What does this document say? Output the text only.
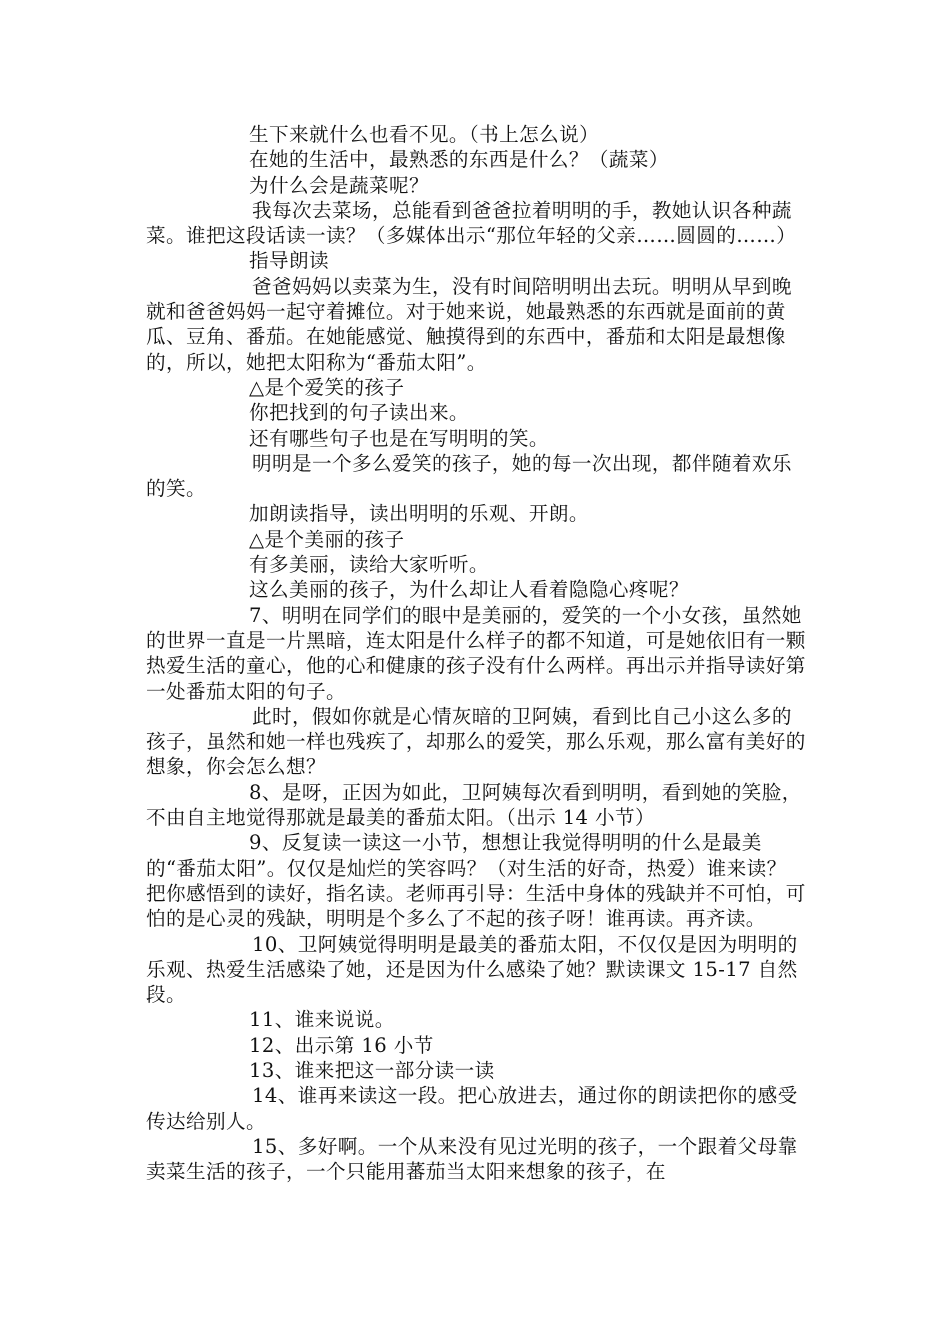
生下来就什么也看不见。（书上怎么说）

在她的生活中，最熟悉的东西是什么？（蔬菜）

为什么会是蔬菜呢？

我每次去菜场，总能看到爸爸拉着明明的手，教她认识各种蔬菜。谁把这段话读一读？（多媒体出示“那位年轻的父亲……圆圆的……）

指导朗读

爸爸妈妈以卖菜为生，没有时间陪明明出去玩。明明从早到晚就和爸爸妈妈一起守着摊位。对于她来说，她最熟悉的东西就是面前的黄瓜、豆角、番茄。在她能感觉、触摸得到的东西中，番茄和太阳是最想像的，所以，她把太阳称为“番茄太阳”。

△是个爱笑的孩子

你把找到的句子读出来。

还有哪些句子也是在写明明的笑。

明明是一个多么爱笑的孩子，她的每一次出现，都伴随着欢乐的笑。

加朗读指导，读出明明的乐观、开朗。

△是个美丽的孩子

有多美丽，读给大家听听。

这么美丽的孩子，为什么却让人看着隐隐心疼呢？

7、明明在同学们的眼中是美丽的，爱笑的一个小女孩，虽然她的世界一直是一片黑暗，连太阳是什么样子的都不知道，可是她依旧有一颗热爱生活的童心，他的心和健康的孩子没有什么两样。再出示并指导读好第一处番茄太阳的句子。

此时，假如你就是心情灰暗的卫阿姨，看到比自己小这么多的孩子，虽然和她一样也残疾了，却那么的爱笑，那么乐观，那么富有美好的想象，你会怎么想？

8、是呀，正因为如此，卫阿姨每次看到明明，看到她的笑脸，不由自主地觉得那就是最美的番茄太阳。（出示 14 小节）

9、反复读一读这一小节，想想让我觉得明明的什么是最美的“番茄太阳”。仅仅是灿烂的笑容吗？（对生活的好奇，热爱）谁来读？把你感悟到的读好，指名读。老师再引导：生活中身体的残缺并不可怕，可怕的是心灵的残缺，明明是个多么了不起的孩子呀！谁再读。再齐读。

10、卫阿姨觉得明明是最美的番茄太阳，不仅仅是因为明明的乐观、热爱生活感染了她，还是因为什么感染了她？默读课文 15-17 自然段。

11、谁来说说。

12、出示第 16 小节

13、谁来把这一部分读一读

14、谁再来读这一段。把心放进去，通过你的朗读把你的感受传达给别人。

15、多好啊。一个从来没有见过光明的孩子，一个跟着父母靠卖菜生活的孩子，一个只能用蕃茄当太阳来想象的孩子，在
